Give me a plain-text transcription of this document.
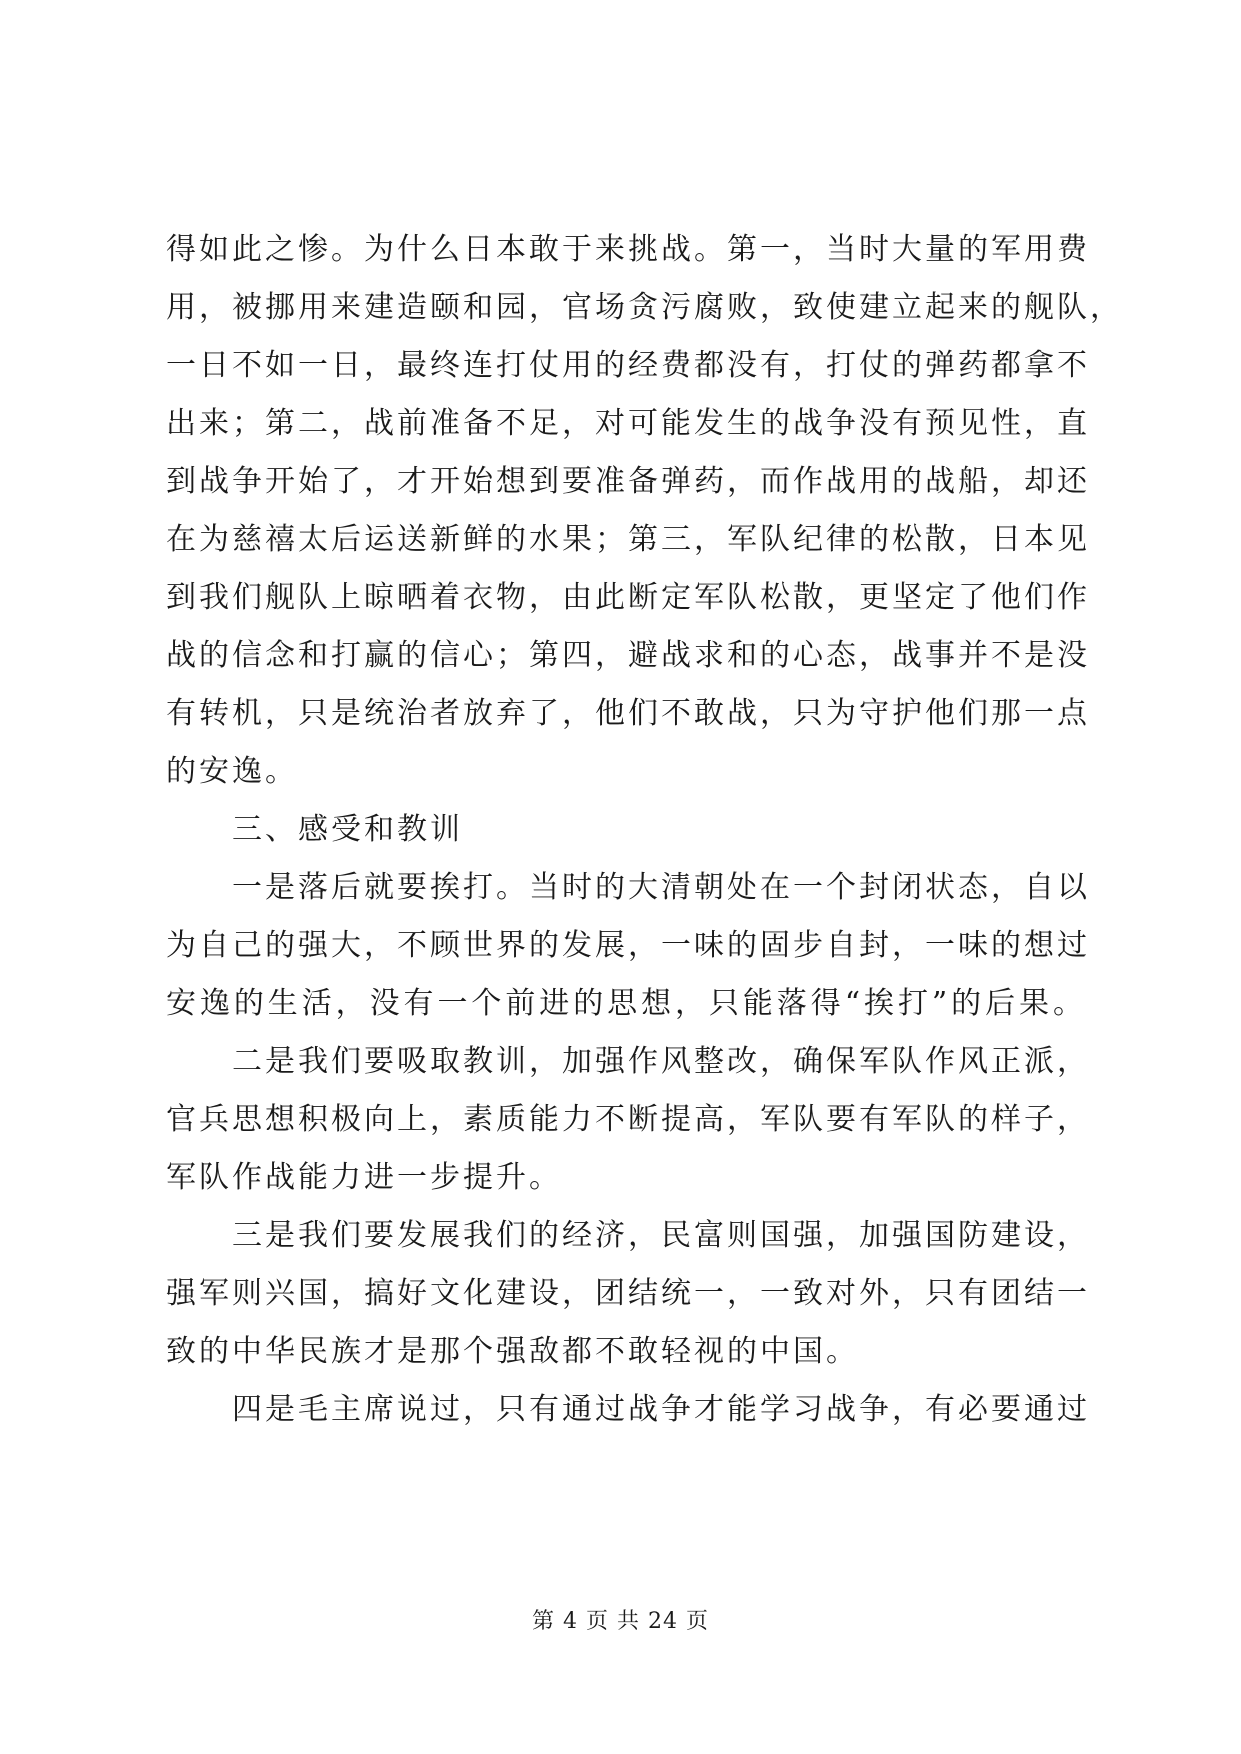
得如此之惨。为什么日本敢于来挑战。第一，当时大量的军用费
用，被挪用来建造颐和园，官场贪污腐败，致使建立起来的舰队，
一日不如一日，最终连打仗用的经费都没有，打仗的弹药都拿不
出来；第二，战前准备不足，对可能发生的战争没有预见性，直
到战争开始了，才开始想到要准备弹药，而作战用的战船，却还
在为慈禧太后运送新鲜的水果；第三，军队纪律的松散，日本见
到我们舰队上晾晒着衣物，由此断定军队松散，更坚定了他们作
战的信念和打赢的信心；第四，避战求和的心态，战事并不是没
有转机，只是统治者放弃了，他们不敢战，只为守护他们那一点
的安逸。
三、感受和教训
一是落后就要挨打。当时的大清朝处在一个封闭状态，自以
为自己的强大，不顾世界的发展，一味的固步自封，一味的想过
安逸的生活，没有一个前进的思想，只能落得“挨打”的后果。
二是我们要吸取教训，加强作风整改，确保军队作风正派，
官兵思想积极向上，素质能力不断提高，军队要有军队的样子，
军队作战能力进一步提升。
三是我们要发展我们的经济，民富则国强，加强国防建设，
强军则兴国，搞好文化建设，团结统一，一致对外，只有团结一
致的中华民族才是那个强敌都不敢轻视的中国。
四是毛主席说过，只有通过战争才能学习战争，有必要通过
第 4 页 共 24 页
